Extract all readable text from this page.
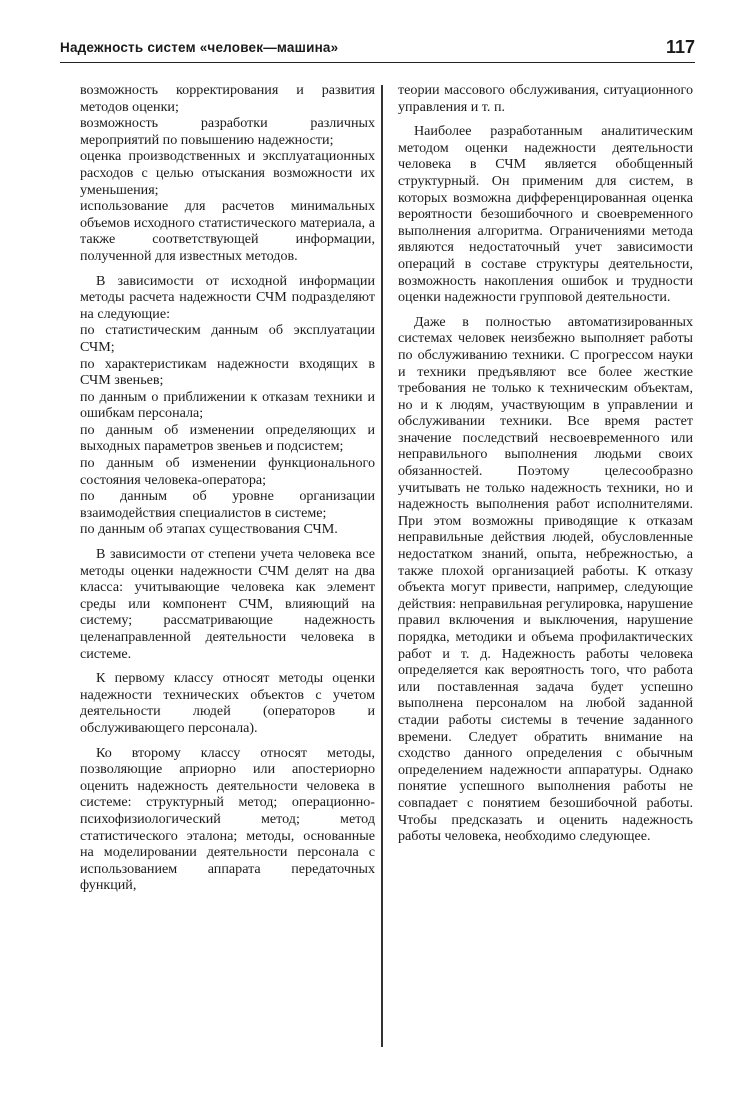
Надежность систем «человек—машина»	117

возможность корректирования и развития методов оценки;

возможность разработки различных мероприятий по повышению надежности;

оценка производственных и эксплуатационных расходов с целью отыскания возможности их уменьшения;

использование для расчетов минимальных объемов исходного статистического материала, а также соответствующей информации, полученной для известных методов.

В зависимости от исходной информации методы расчета надежности СЧМ подразделяют на следующие:

по статистическим данным об эксплуатации СЧМ;

по характеристикам надежности входящих в СЧМ звеньев;

по данным о приближении к отказам техники и ошибкам персонала;

по данным об изменении определяющих и выходных параметров звеньев и подсистем;

по данным об изменении функционального состояния человека-оператора;

по данным об уровне организации взаимодействия специалистов в системе;

по данным об этапах существования СЧМ.

В зависимости от степени учета человека все методы оценки надежности СЧМ делят на два класса: учитывающие человека как элемент среды или компонент СЧМ, влияющий на систему; рассматривающие надежность целенаправленной деятельности человека в системе.

К первому классу относят методы оценки надежности технических объектов с учетом деятельности людей (операторов и обслуживающего персонала).

Ко второму классу относят методы, позволяющие априорно или апостериорно оценить надежность деятельности человека в системе: структурный метод; операционно-психофизиологический метод; метод статистического эталона; методы, основанные на моделировании деятельности персонала с использованием аппарата передаточных функций,

теории массового обслуживания, ситуационного управления и т. п.

Наиболее разработанным аналитическим методом оценки надежности деятельности человека в СЧМ является обобщенный структурный. Он применим для систем, в которых возможна дифференцированная оценка вероятности безошибочного и своевременного выполнения алгоритма. Ограничениями метода являются недостаточный учет зависимости операций в составе структуры деятельности, возможность накопления ошибок и трудности оценки надежности групповой деятельности.

Даже в полностью автоматизированных системах человек неизбежно выполняет работы по обслуживанию техники. С прогрессом науки и техники предъявляют все более жесткие требования не только к техническим объектам, но и к людям, участвующим в управлении и обслуживании техники. Все время растет значение последствий несвоевременного или неправильного выполнения людьми своих обязанностей. Поэтому целесообразно учитывать не только надежность техники, но и надежность выполнения работ исполнителями. При этом возможны приводящие к отказам неправильные действия людей, обусловленные недостатком знаний, опыта, небрежностью, а также плохой организацией работы. К отказу объекта могут привести, например, следующие действия: неправильная регулировка, нарушение правил включения и выключения, нарушение порядка, методики и объема профилактических работ и т. д. Надежность работы человека определяется как вероятность того, что работа или поставленная задача будет успешно выполнена персоналом на любой заданной стадии работы системы в течение заданного времени. Следует обратить внимание на сходство данного определения с обычным определением надежности аппаратуры. Однако понятие успешного выполнения работы не совпадает с понятием безошибочной работы. Чтобы предсказать и оценить надежность работы человека, необходимо следующее.
